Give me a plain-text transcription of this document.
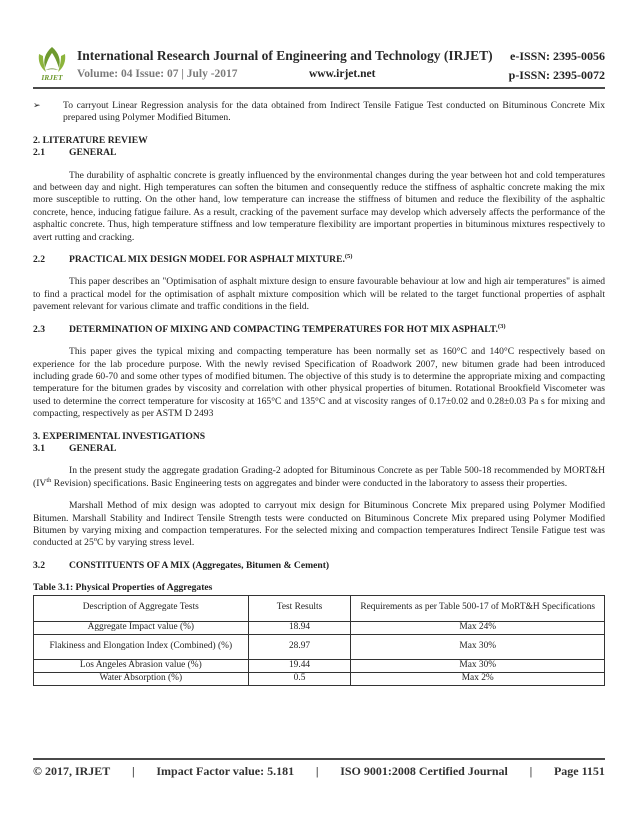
IRJET
International Research Journal of Engineering and Technology (IRJET) e-ISSN: 2395-0056
Volume: 04 Issue: 07 | July -2017	www.irjet.net	p-ISSN: 2395-0072
➢	To carryout Linear Regression analysis for the data obtained from Indirect Tensile Fatigue Test conducted on Bituminous Concrete Mix prepared using Polymer Modified Bitumen.

2. LITERATURE REVIEW

2.1	GENERAL

The durability of asphaltic concrete is greatly influenced by the environmental changes during the year between hot and cold temperatures and between day and night. High temperatures can soften the bitumen and consequently reduce the stiffness of asphaltic concrete making the mix more susceptible to rutting. On the other hand, low temperature can increase the stiffness of bitumen and reduce the flexibility of the asphaltic concrete, hence, inducing fatigue failure. As a result, cracking of the pavement surface may develop which adversely affects the performance of the asphaltic concrete. Thus, high temperature stiffness and low temperature flexibility are important properties in bituminous mixtures respectively to avert rutting and cracking.

2.2	PRACTICAL MIX DESIGN MODEL FOR ASPHALT MIXTURE.$^{(5)}$

This paper describes an "Optimisation of asphalt mixture design to ensure favourable behaviour at low and high air temperatures" is aimed to find a practical model for the optimisation of asphalt mixture composition which will be related to the target functional properties of asphalt pavement relevant for various climate and traffic conditions in the field.

2.3	DETERMINATION OF MIXING AND COMPACTING TEMPERATURES FOR HOT MIX ASPHALT.$^{(3)}$

This paper gives the typical mixing and compacting temperature has been normally set as 160°C and 140°C respectively based on experience for the lab procedure purpose. With the newly revised Specification of Roadwork 2007, new bitumen grade had been introduced including grade 60-70 and some other types of modified bitumen. The objective of this study is to determine the appropriate mixing and compacting temperature for the bitumen grades by viscosity and correlation with other physical properties of bitumen. Rotational Brookfield Viscometer was used to determine the correct temperature for viscosity at 165°C and 135°C and at viscosity ranges of 0.17±0.02 and 0.28±0.03 Pa s for mixing and compacting, respectively as per ASTM D 2493

3. EXPERIMENTAL INVESTIGATIONS

3.1	GENERAL

In the present study the aggregate gradation Grading-2 adopted for Bituminous Concrete as per Table 500-18 recommended by MORT&H (IVth Revision) specifications. Basic Engineering tests on aggregates and binder were conducted in the laboratory to assess their properties.

Marshall Method of mix design was adopted to carryout mix design for Bituminous Concrete Mix prepared using Polymer Modified Bitumen. Marshall Stability and Indirect Tensile Strength tests were conducted on Bituminous Concrete Mix prepared using Polymer Modified Bitumen by varying mixing and compaction temperatures. For the selected mixing and compaction temperatures Indirect Tensile Fatigue test was conducted at 25$^o$C by varying stress level.

3.2	CONSTITUENTS OF A MIX (Aggregates, Bitumen & Cement)

Table 3.1: Physical Properties of Aggregates

Description of Aggregate Tests	Test Results	Requirements as per Table 500-17 of MoRT&H Specifications
Aggregate Impact value (%)	18.94	Max 24%
Flakiness and Elongation Index (Combined) (%)	28.97	Max 30%
Los Angeles Abrasion value (%)	19.44	Max 30%
Water Absorption (%)	0.5	Max 2%
© 2017, IRJET | Impact Factor value: 5.181 | ISO 9001:2008 Certified Journal | Page 1151
